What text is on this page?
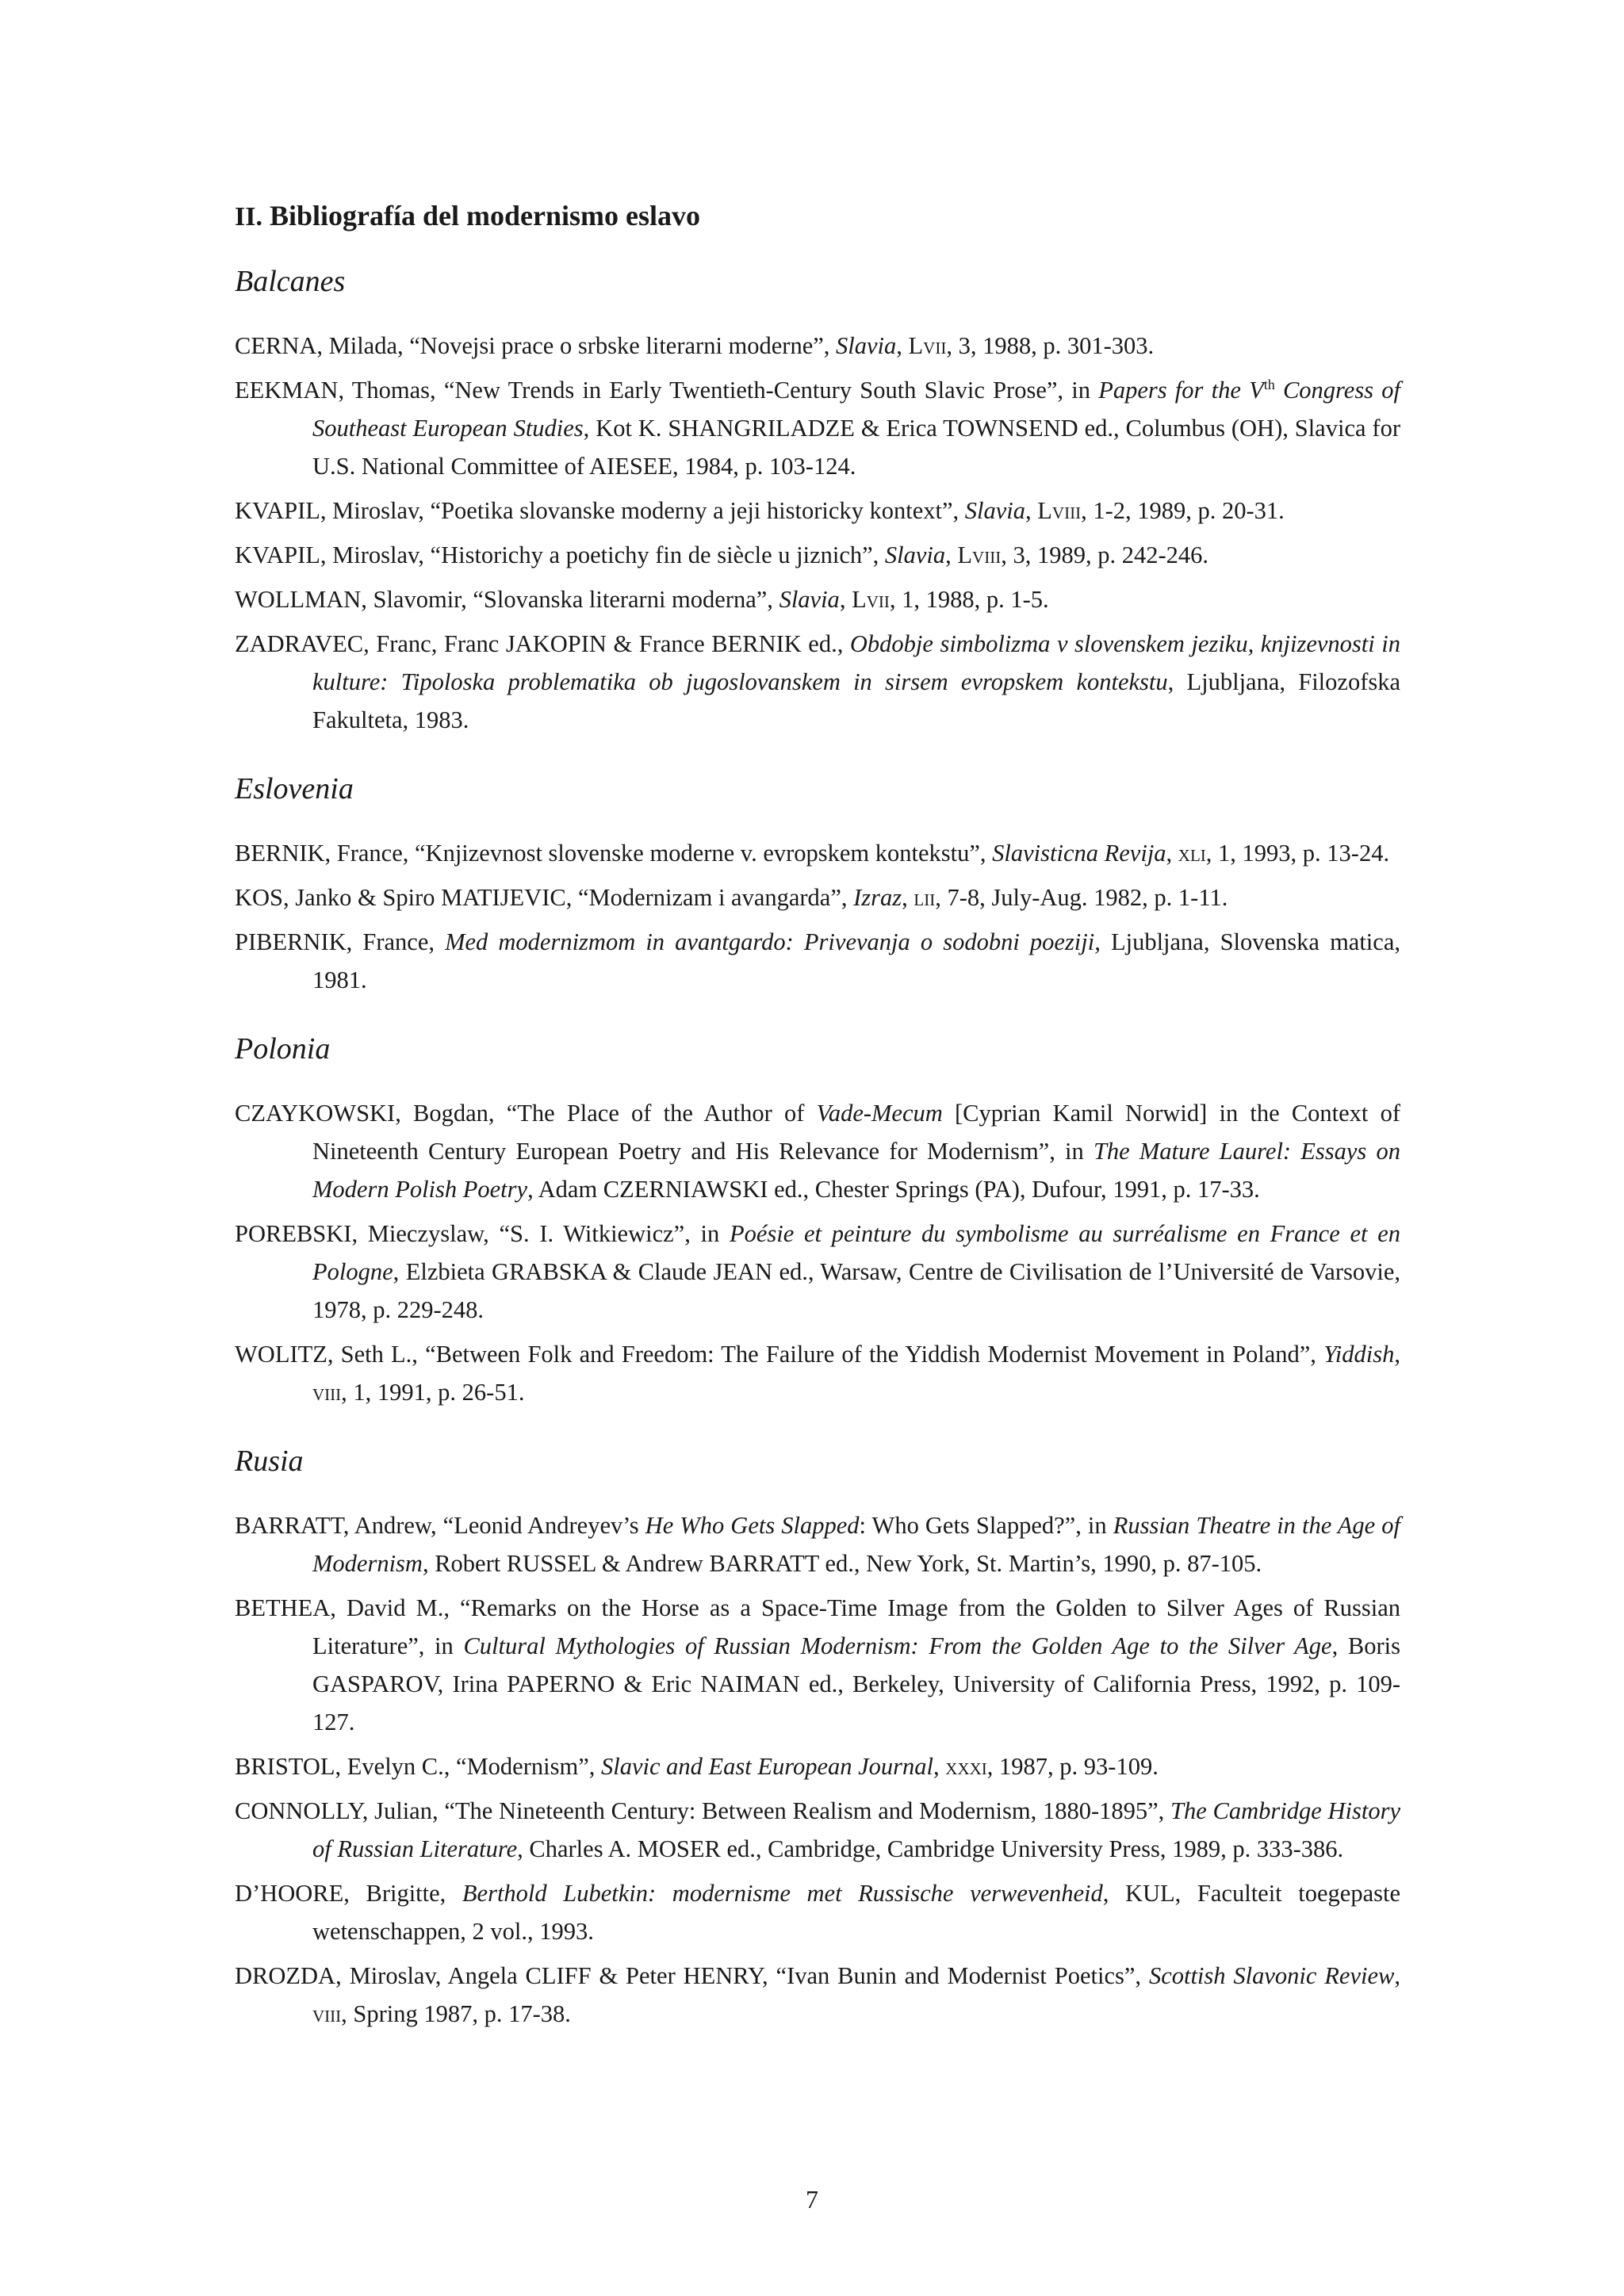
II. Bibliografía del modernismo eslavo
Balcanes

CERNA, Milada, “Novejsi prace o srbske literarni moderne”, Slavia, Lvii, 3, 1988, p. 301-303.

EEKMAN, Thomas, “New Trends in Early Twentieth-Century South Slavic Prose”, in Papers for the Vth Congress of Southeast European Studies, Kot K. SHANGRILADZE & Erica TOWNSEND ed., Columbus (OH), Slavica for U.S. National Committee of AIESEE, 1984, p. 103-124.

KVAPIL, Miroslav, “Poetika slovanske moderny a jeji historicky kontext”, Slavia, Lviii, 1-2, 1989, p. 20-31.

KVAPIL, Miroslav, “Historichy a poetichy fin de siècle u jiznich”, Slavia, Lviii, 3, 1989, p. 242-246.

WOLLMAN, Slavomir, “Slovanska literarni moderna”, Slavia, Lvii, 1, 1988, p. 1-5.

ZADRAVEC, Franc, Franc JAKOPIN & France BERNIK ed., Obdobje simbolizma v slovenskem jeziku, knjizevnosti in kulture: Tipoloska problematika ob jugoslovanskem in sirsem evropskem kontekstu, Ljubljana, Filozofska Fakulteta, 1983.

Eslovenia

BERNIK, France, “Knjizevnost slovenske moderne v. evropskem kontekstu”, Slavisticna Revija, xli, 1, 1993, p. 13-24.

KOS, Janko & Spiro MATIJEVIC, “Modernizam i avangarda”, Izraz, lii, 7-8, July-Aug. 1982, p. 1-11.

PIBERNIK, France, Med modernizmom in avantgardo: Privevanja o sodobni poeziji, Ljubljana, Slovenska matica, 1981.

Polonia

CZAYKOWSKI, Bogdan, “The Place of the Author of Vade-Mecum [Cyprian Kamil Norwid] in the Context of Nineteenth Century European Poetry and His Relevance for Modernism”, in The Mature Laurel: Essays on Modern Polish Poetry, Adam CZERNIAWSKI ed., Chester Springs (PA), Dufour, 1991, p. 17-33.

POREBSKI, Mieczyslaw, “S. I. Witkiewicz”, in Poésie et peinture du symbolisme au surréalisme en France et en Pologne, Elzbieta GRABSKA & Claude JEAN ed., Warsaw, Centre de Civilisation de l’Université de Varsovie, 1978, p. 229-248.

WOLITZ, Seth L., “Between Folk and Freedom: The Failure of the Yiddish Modernist Movement in Poland”, Yiddish, viii, 1, 1991, p. 26-51.

Rusia

BARRATT, Andrew, “Leonid Andreyev’s He Who Gets Slapped: Who Gets Slapped?”, in Russian Theatre in the Age of Modernism, Robert RUSSEL & Andrew BARRATT ed., New York, St. Martin’s, 1990, p. 87-105.

BETHEA, David M., “Remarks on the Horse as a Space-Time Image from the Golden to Silver Ages of Russian Literature”, in Cultural Mythologies of Russian Modernism: From the Golden Age to the Silver Age, Boris GASPAROV, Irina PAPERNO & Eric NAIMAN ed., Berkeley, University of California Press, 1992, p. 109-127.

BRISTOL, Evelyn C., “Modernism”, Slavic and East European Journal, xxxi, 1987, p. 93-109.

CONNOLLY, Julian, “The Nineteenth Century: Between Realism and Modernism, 1880-1895”, The Cambridge History of Russian Literature, Charles A. MOSER ed., Cambridge, Cambridge University Press, 1989, p. 333-386.

D’HOORE, Brigitte, Berthold Lubetkin: modernisme met Russische verwevenheid, KUL, Faculteit toegepaste wetenschappen, 2 vol., 1993.

DROZDA, Miroslav, Angela CLIFF & Peter HENRY, “Ivan Bunin and Modernist Poetics”, Scottish Slavonic Review, viii, Spring 1987, p. 17-38.

7
